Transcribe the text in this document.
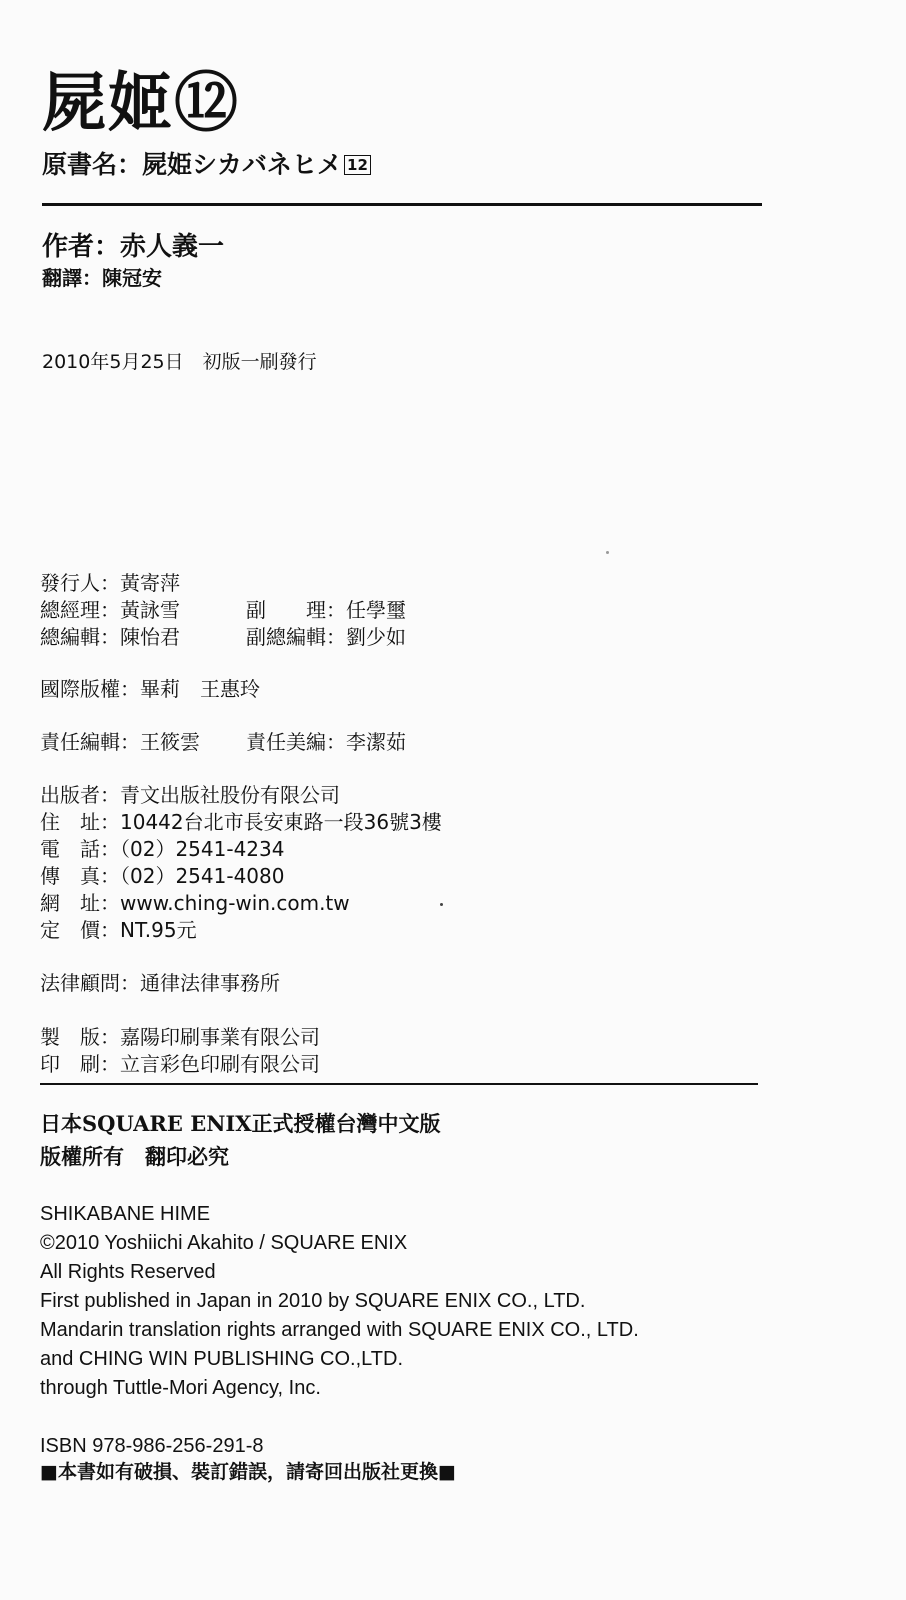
屍姬⑫
原書名：屍姫シカバネヒメ 12
作者：赤人義一
翻譯：陳冠安
2010年5月25日　初版一刷發行
發行人：黃寄萍
總經理：黃詠雪	副　　理：任學璽
總編輯：陳怡君	副總編輯：劉少如
國際版權：畢莉　王惠玲
責任編輯：王筱雲 責任美編：李潔茹
出版者：青文出版社股份有限公司
住　址：10442台北市長安東路一段36號3樓
電　話：（02）2541-4234
傳　真：（02）2541-4080
網　址：www.ching-win.com.tw
定　價：NT.95元
法律顧問：通律法律事務所
製　版：嘉陽印刷事業有限公司
印　刷：立言彩色印刷有限公司
日本SQUARE ENIX正式授權台灣中文版
版權所有　翻印必究
SHIKABANE HIME
©2010 Yoshiichi Akahito / SQUARE ENIX
All Rights Reserved
First published in Japan in 2010 by SQUARE ENIX CO., LTD.
Mandarin translation rights arranged with SQUARE ENIX CO., LTD.
and CHING WIN PUBLISHING CO.,LTD.
through Tuttle-Mori Agency, Inc.
ISBN 978-986-256-291-8
■本書如有破損、裝訂錯誤，請寄回出版社更換■
